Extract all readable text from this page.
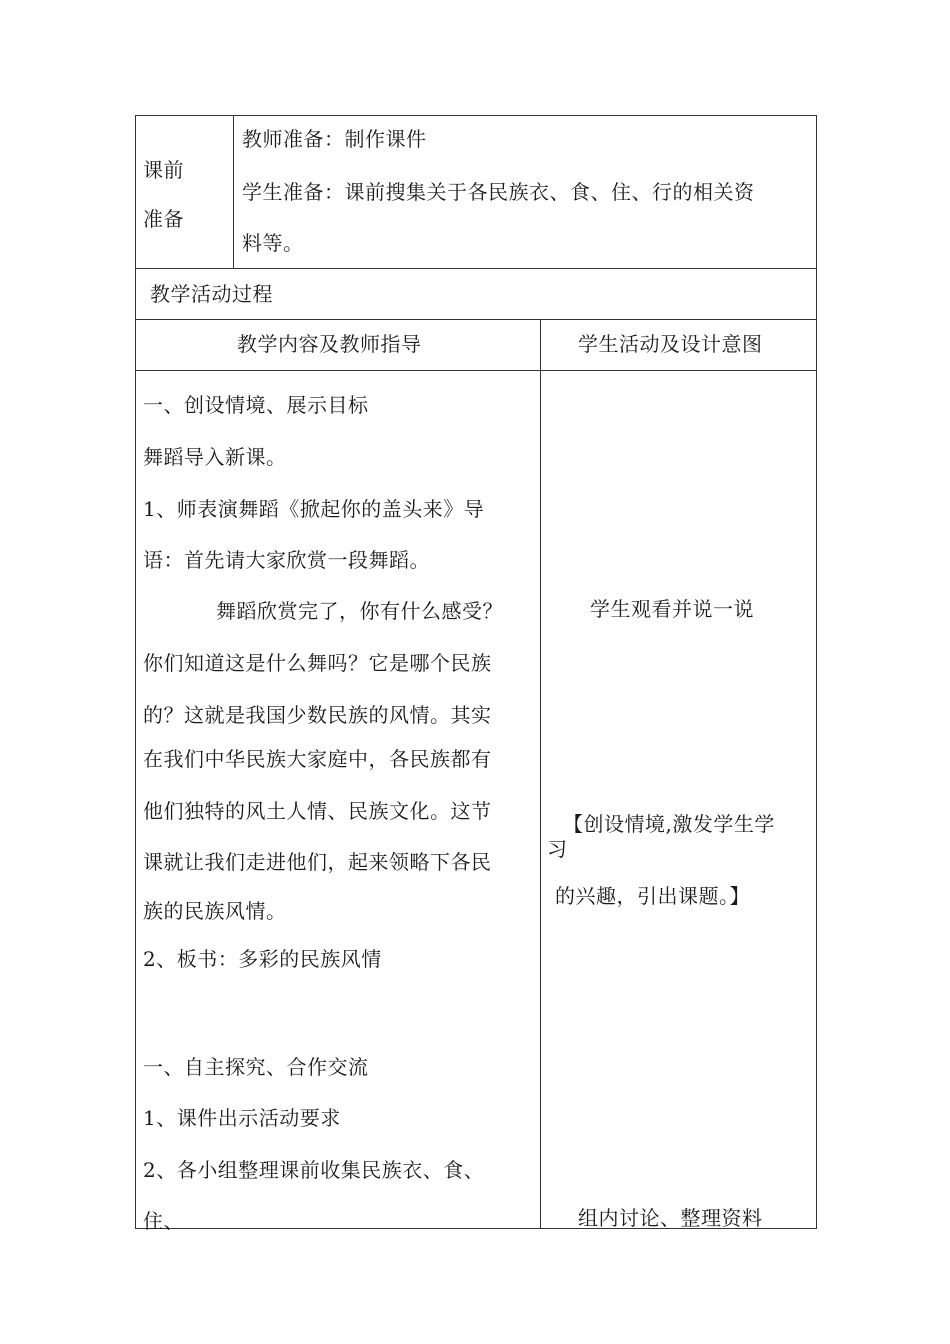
课前
准备
教师准备：制作课件
学生准备：课前搜集关于各民族衣、食、住、行的相关资
料等。
教学活动过程
教学内容及教师指导	学生活动及设计意图
一、创设情境、展示目标
舞蹈导入新课。
1、师表演舞蹈《掀起你的盖头来》导
语：首先请大家欣赏一段舞蹈。
舞蹈欣赏完了，你有什么感受？
你们知道这是什么舞吗？它是哪个民族
的？这就是我国少数民族的风情。其实
在我们中华民族大家庭中，各民族都有
他们独特的风土人情、民族文化。这节
课就让我们走进他们，起来领略下各民
族的民族风情。
2、板书：多彩的民族风情
一、自主探究、合作交流
1、课件出示活动要求
2、各小组整理课前收集民族衣、食、
住、
学生观看并说一说
【创设情境,激发学生学
习
的兴趣，引出课题。】
组内讨论、整理资料
